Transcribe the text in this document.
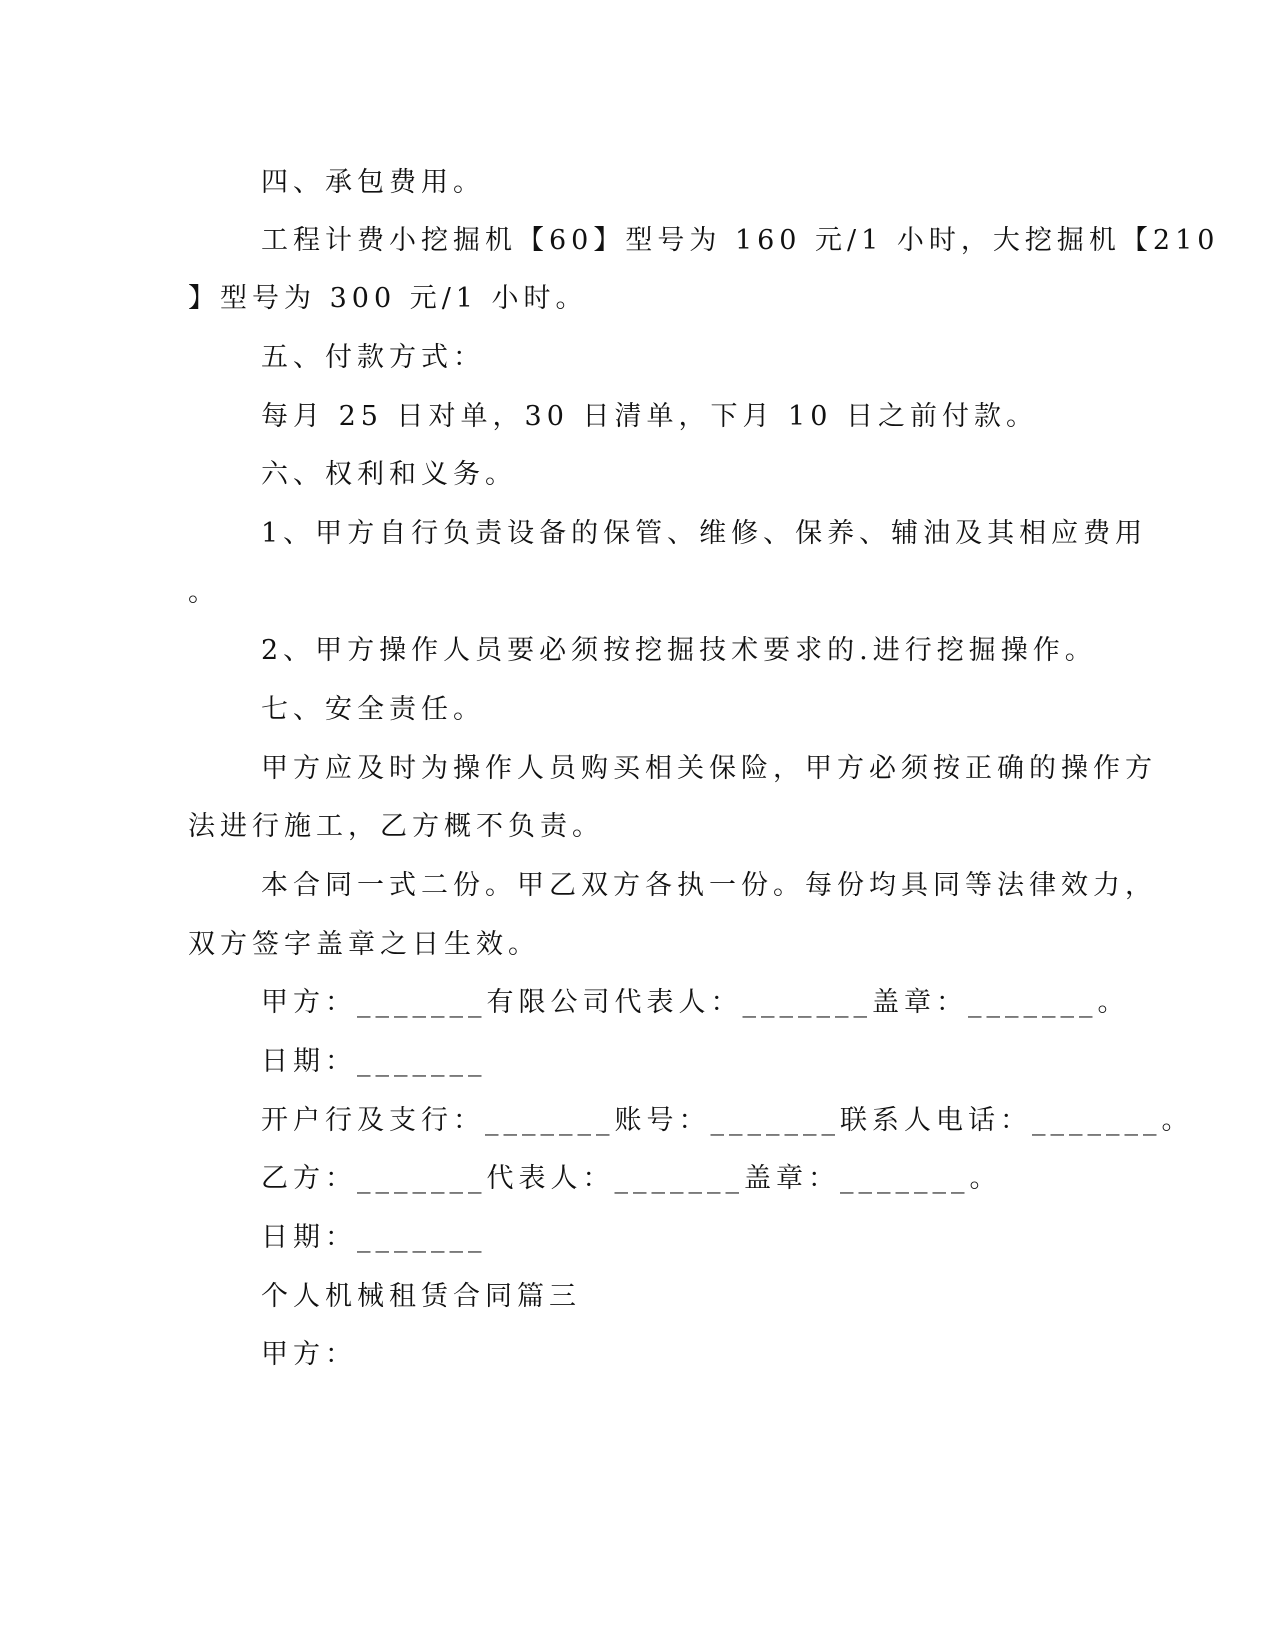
四、承包费用。
工程计费小挖掘机【60】型号为 160 元/1 小时，大挖掘机【210
】型号为 300 元/1 小时。
五、付款方式：
每月 25 日对单，30 日清单，下月 10 日之前付款。
六、权利和义务。
1、甲方自行负责设备的保管、维修、保养、辅油及其相应费用
。
2、甲方操作人员要必须按挖掘技术要求的.进行挖掘操作。
七、安全责任。
甲方应及时为操作人员购买相关保险，甲方必须按正确的操作方
法进行施工，乙方概不负责。
本合同一式二份。甲乙双方各执一份。每份均具同等法律效力，
双方签字盖章之日生效。
甲方：_______有限公司代表人：_______盖章：_______。
日期：_______
开户行及支行：_______账号：_______联系人电话：_______。
乙方：_______代表人：_______盖章：_______。
日期：_______
个人机械租赁合同篇三
甲方：
